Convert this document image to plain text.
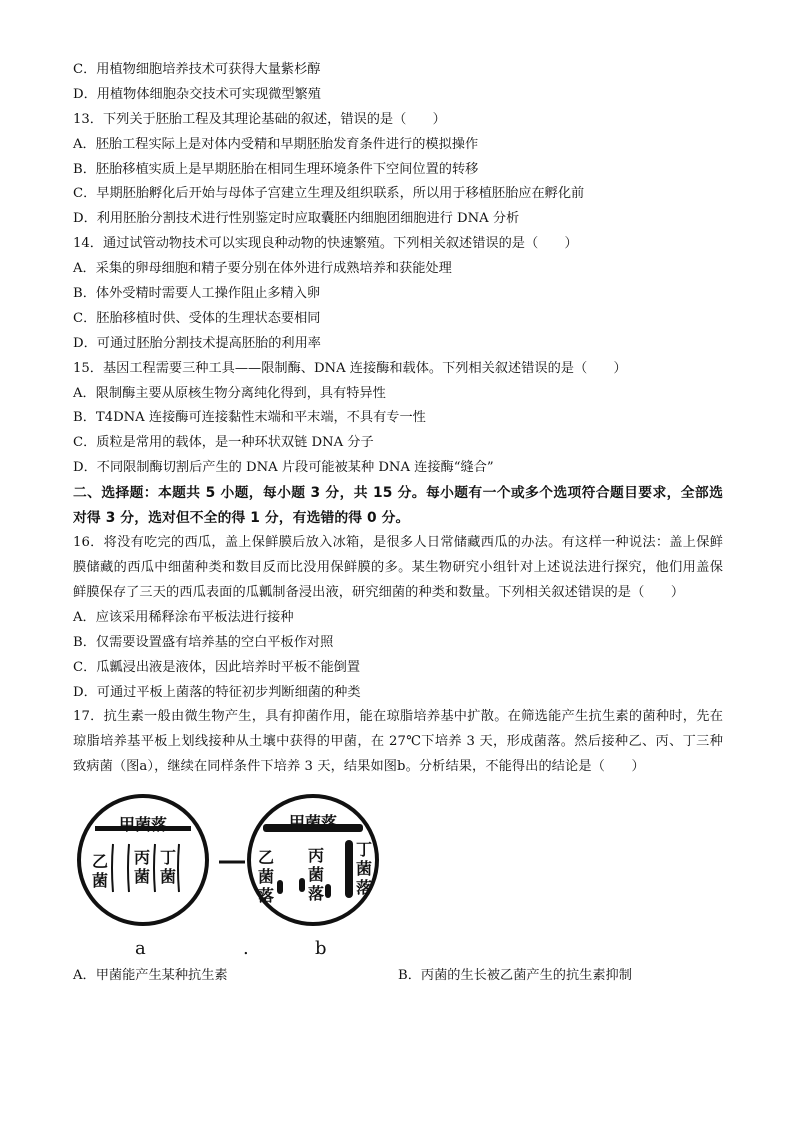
C．用植物细胞培养技术可获得大量紫杉醇
D．用植物体细胞杂交技术可实现微型繁殖
13．下列关于胚胎工程及其理论基础的叙述，错误的是（　　）
A．胚胎工程实际上是对体内受精和早期胚胎发育条件进行的模拟操作
B．胚胎移植实质上是早期胚胎在相同生理环境条件下空间位置的转移
C．早期胚胎孵化后开始与母体子宫建立生理及组织联系，所以用于移植胚胎应在孵化前
D．利用胚胎分割技术进行性别鉴定时应取囊胚内细胞团细胞进行 DNA 分析
14．通过试管动物技术可以实现良种动物的快速繁殖。下列相关叙述错误的是（　　）
A．采集的卵母细胞和精子要分别在体外进行成熟培养和获能处理
B．体外受精时需要人工操作阻止多精入卵
C．胚胎移植时供、受体的生理状态要相同
D．可通过胚胎分割技术提高胚胎的利用率
15．基因工程需要三种工具——限制酶、DNA 连接酶和载体。下列相关叙述错误的是（　　）
A．限制酶主要从原核生物分离纯化得到，具有特异性
B．T4DNA 连接酶可连接黏性末端和平末端，不具有专一性
C．质粒是常用的载体，是一种环状双链 DNA 分子
D．不同限制酶切割后产生的 DNA 片段可能被某种 DNA 连接酶“缝合”
二、选择题：本题共 5 小题，每小题 3 分，共 15 分。每小题有一个或多个选项符合题目要求，全部选对得 3 分，选对但不全的得 1 分，有选错的得 0 分。
16．将没有吃完的西瓜，盖上保鲜膜后放入冰箱，是很多人日常储藏西瓜的办法。有这样一种说法：盖上保鲜膜储藏的西瓜中细菌种类和数目反而比没用保鲜膜的多。某生物研究小组针对上述说法进行探究，他们用盖保鲜膜保存了三天的西瓜表面的瓜瓤制备浸出液，研究细菌的种类和数量。下列相关叙述错误的是（　　）
A．应该采用稀释涂布平板法进行接种
B．仅需要设置盛有培养基的空白平板作对照
C．瓜瓤浸出液是液体，因此培养时平板不能倒置
D．可通过平板上菌落的特征初步判断细菌的种类
17．抗生素一般由微生物产生，具有抑菌作用，能在琼脂培养基中扩散。在筛选能产生抗生素的菌种时，先在琼脂培养基平板上划线接种从土壤中获得的甲菌，在 27℃下培养 3 天，形成菌落。然后接种乙、丙、丁三种致病菌（图a），继续在同样条件下培养 3 天，结果如图b。分析结果，不能得出的结论是（　　）
甲菌落
乙菌
丙菌
丁菌
a	.
甲菌落
乙菌落
丙菌落
丁菌落
b
A．甲菌能产生某种抗生素	B．丙菌的生长被乙菌产生的抗生素抑制
